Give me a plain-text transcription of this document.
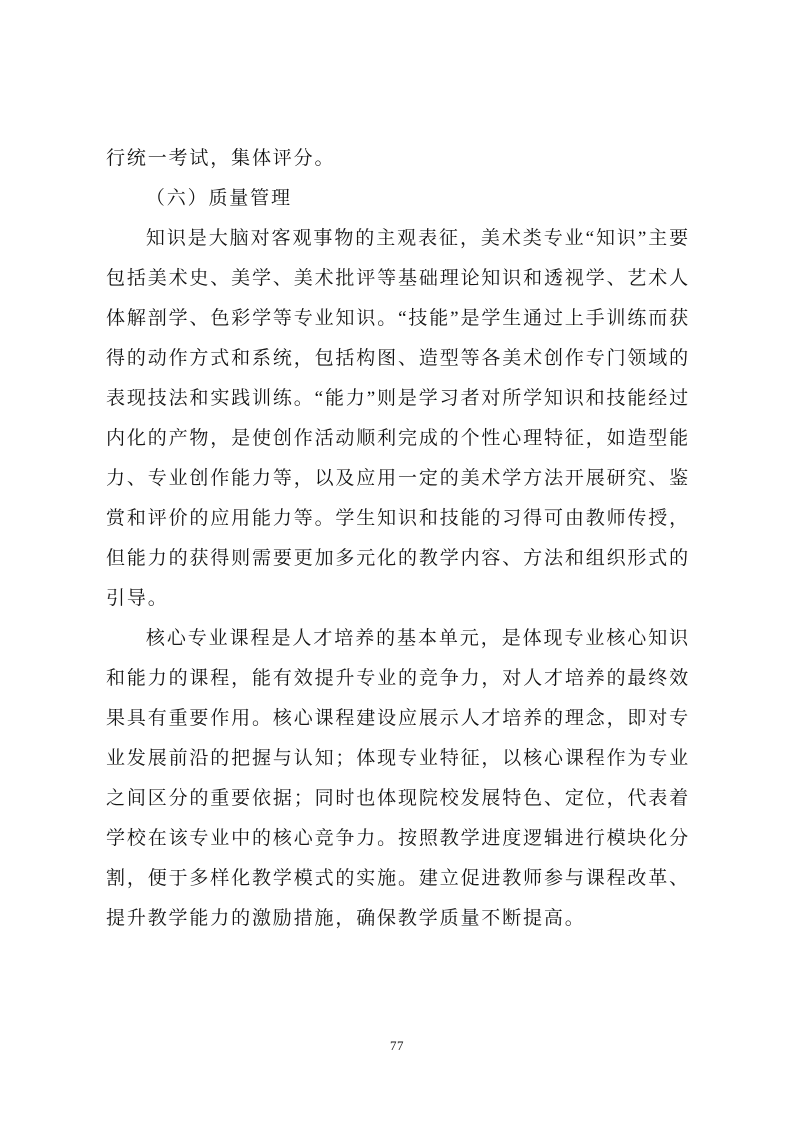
行统一考试，集体评分。

（六）质量管理

知识是大脑对客观事物的主观表征，美术类专业“知识”主要包括美术史、美学、美术批评等基础理论知识和透视学、艺术人体解剖学、色彩学等专业知识。“技能”是学生通过上手训练而获得的动作方式和系统，包括构图、造型等各美术创作专门领域的表现技法和实践训练。“能力”则是学习者对所学知识和技能经过内化的产物，是使创作活动顺利完成的个性心理特征，如造型能力、专业创作能力等，以及应用一定的美术学方法开展研究、鉴赏和评价的应用能力等。学生知识和技能的习得可由教师传授，但能力的获得则需要更加多元化的教学内容、方法和组织形式的引导。

核心专业课程是人才培养的基本单元，是体现专业核心知识和能力的课程，能有效提升专业的竞争力，对人才培养的最终效果具有重要作用。核心课程建设应展示人才培养的理念，即对专业发展前沿的把握与认知；体现专业特征，以核心课程作为专业之间区分的重要依据；同时也体现院校发展特色、定位，代表着学校在该专业中的核心竞争力。按照教学进度逻辑进行模块化分割，便于多样化教学模式的实施。建立促进教师参与课程改革、提升教学能力的激励措施，确保教学质量不断提高。

77
